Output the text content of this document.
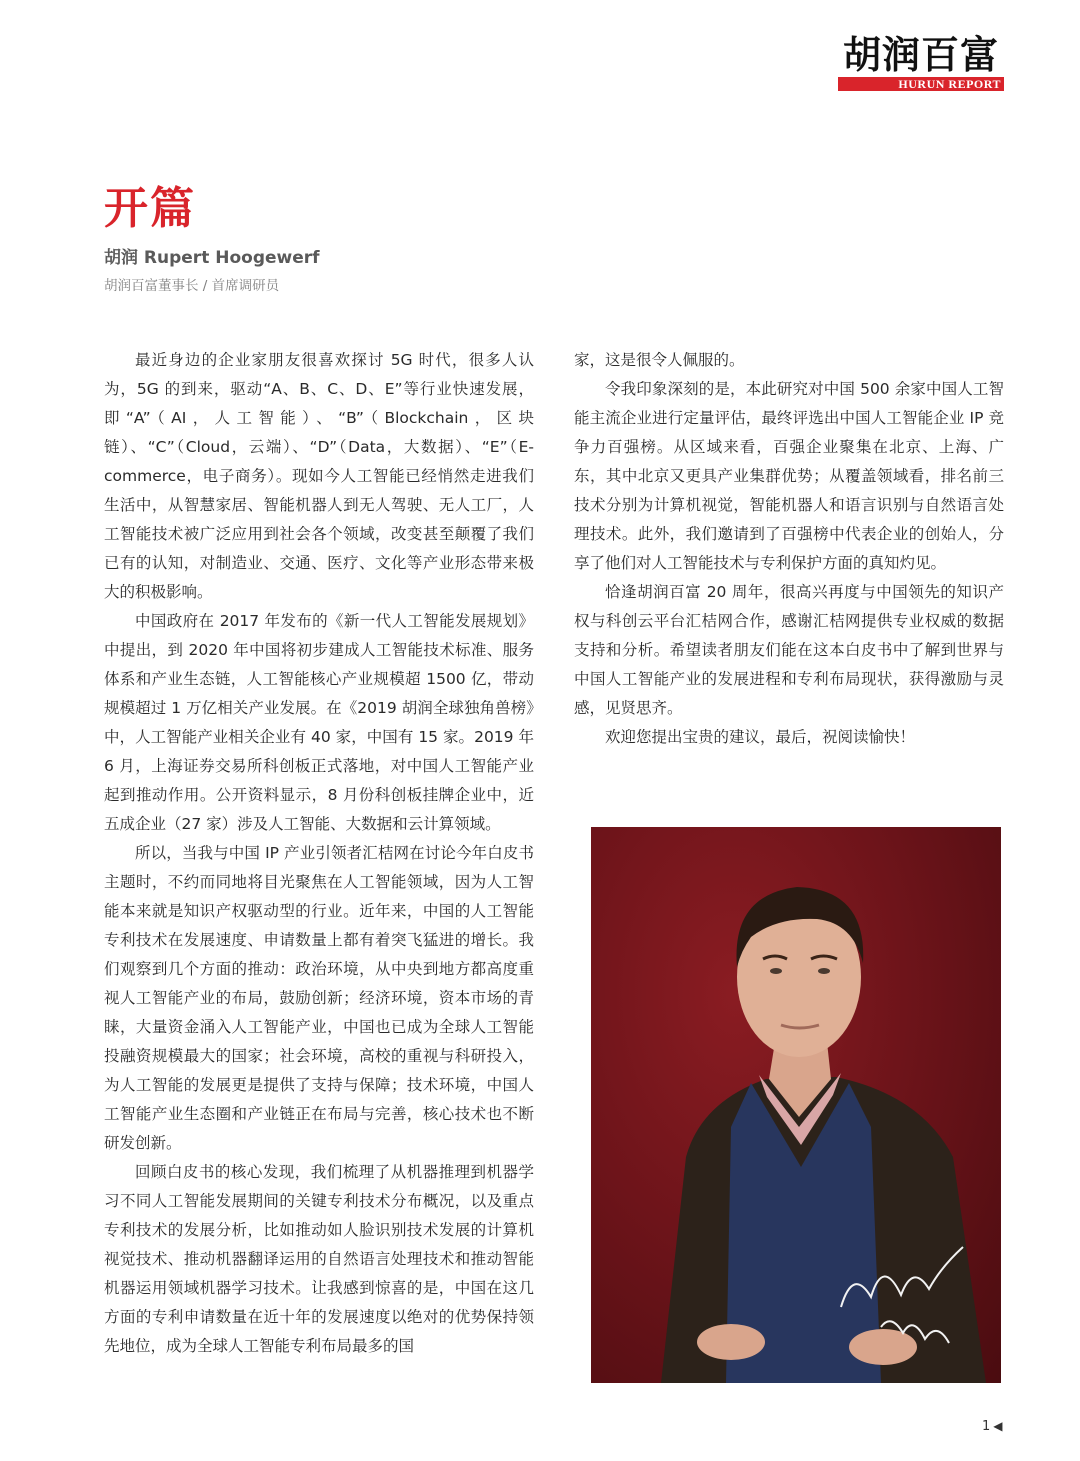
胡润百富
HURUN REPORT
开篇
胡润 Rupert Hoogewerf
胡润百富董事长 / 首席调研员

最近身边的企业家朋友很喜欢探讨 5G 时代，很多人认为，5G 的到来，驱动“A、B、C、D、E”等行业快速发展，即“A”（AI，人工智能）、“B”（Blockchain，区块链）、“C”（Cloud，云端）、“D”（Data，大数据）、“E”（E-commerce，电子商务）。现如今人工智能已经悄然走进我们生活中，从智慧家居、智能机器人到无人驾驶、无人工厂，人工智能技术被广泛应用到社会各个领域，改变甚至颠覆了我们已有的认知，对制造业、交通、医疗、文化等产业形态带来极大的积极影响。

中国政府在 2017 年发布的《新一代人工智能发展规划》中提出，到 2020 年中国将初步建成人工智能技术标准、服务体系和产业生态链，人工智能核心产业规模超 1500 亿，带动规模超过 1 万亿相关产业发展。在《2019 胡润全球独角兽榜》中，人工智能产业相关企业有 40 家，中国有 15 家。2019 年 6 月，上海证券交易所科创板正式落地，对中国人工智能产业起到推动作用。公开资料显示，8 月份科创板挂牌企业中，近五成企业（27 家）涉及人工智能、大数据和云计算领域。

所以，当我与中国 IP 产业引领者汇桔网在讨论今年白皮书主题时，不约而同地将目光聚焦在人工智能领域，因为人工智能本来就是知识产权驱动型的行业。近年来，中国的人工智能专利技术在发展速度、申请数量上都有着突飞猛进的增长。我们观察到几个方面的推动：政治环境，从中央到地方都高度重视人工智能产业的布局，鼓励创新；经济环境，资本市场的青睐，大量资金涌入人工智能产业，中国也已成为全球人工智能投融资规模最大的国家；社会环境，高校的重视与科研投入，为人工智能的发展更是提供了支持与保障；技术环境，中国人工智能产业生态圈和产业链正在布局与完善，核心技术也不断研发创新。

回顾白皮书的核心发现，我们梳理了从机器推理到机器学习不同人工智能发展期间的关键专利技术分布概况，以及重点专利技术的发展分析，比如推动如人脸识别技术发展的计算机视觉技术、推动机器翻译运用的自然语言处理技术和推动智能机器运用领域机器学习技术。让我感到惊喜的是，中国在这几方面的专利申请数量在近十年的发展速度以绝对的优势保持领先地位，成为全球人工智能专利布局最多的国

家，这是很令人佩服的。

令我印象深刻的是，本此研究对中国 500 余家中国人工智能主流企业进行定量评估，最终评选出中国人工智能企业 IP 竞争力百强榜。从区域来看，百强企业聚集在北京、上海、广东，其中北京又更具产业集群优势；从覆盖领域看，排名前三技术分别为计算机视觉，智能机器人和语言识别与自然语言处理技术。此外，我们邀请到了百强榜中代表企业的创始人，分享了他们对人工智能技术与专利保护方面的真知灼见。

恰逢胡润百富 20 周年，很高兴再度与中国领先的知识产权与科创云平台汇桔网合作，感谢汇桔网提供专业权威的数据支持和分析。希望读者朋友们能在这本白皮书中了解到世界与中国人工智能产业的发展进程和专利布局现状，获得激励与灵感，见贤思齐。

欢迎您提出宝贵的建议，最后，祝阅读愉快！

1 ◀
